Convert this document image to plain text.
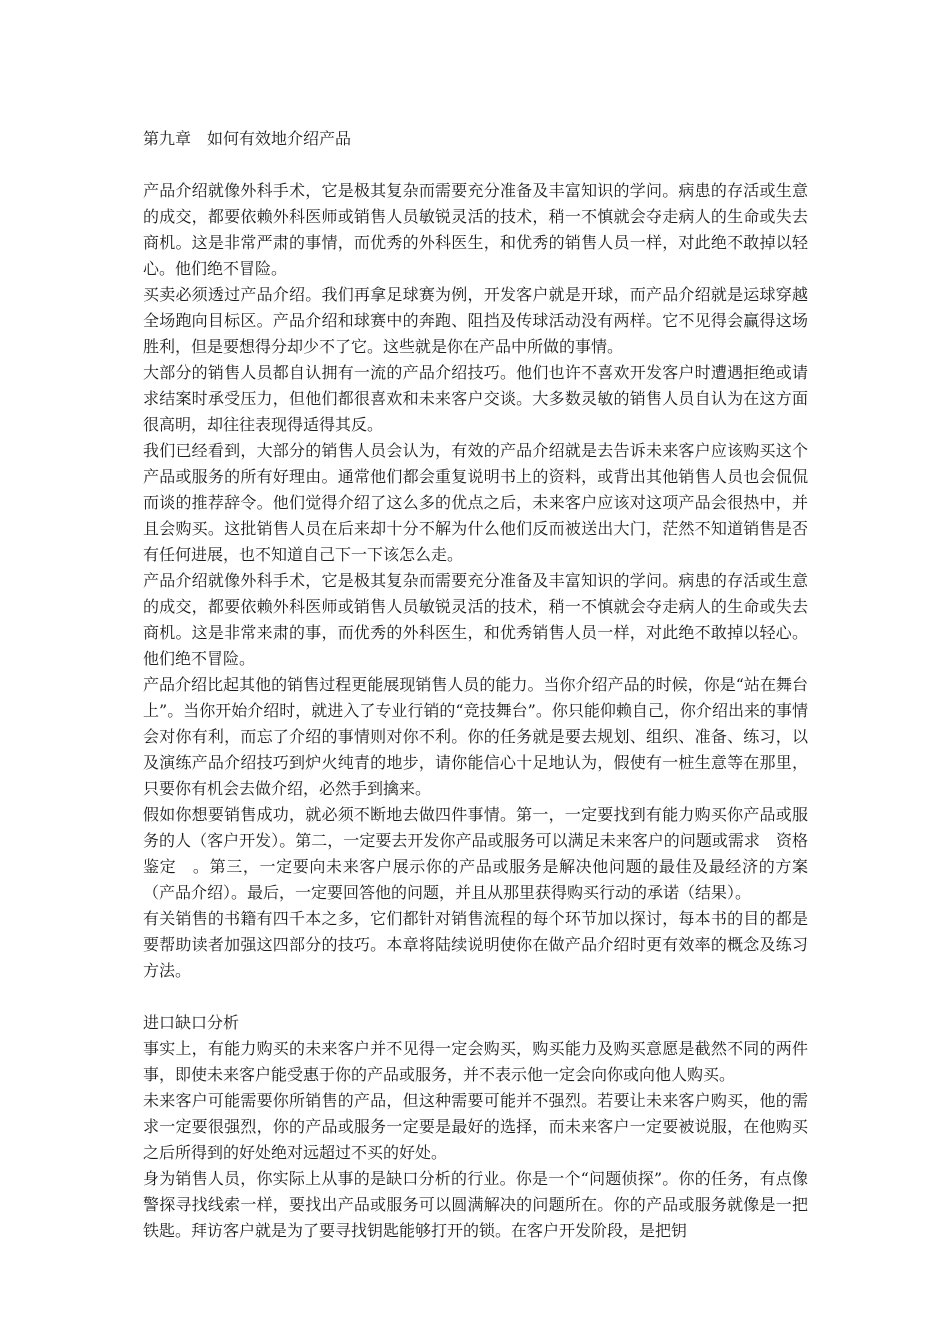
第九章　如何有效地介绍产品

产品介绍就像外科手术，它是极其复杂而需要充分准备及丰富知识的学问。病患的存活或生意的成交，都要依赖外科医师或销售人员敏锐灵活的技术，稍一不慎就会夺走病人的生命或失去商机。这是非常严肃的事情，而优秀的外科医生，和优秀的销售人员一样，对此绝不敢掉以轻心。他们绝不冒险。

买卖必须透过产品介绍。我们再拿足球赛为例，开发客户就是开球，而产品介绍就是运球穿越全场跑向目标区。产品介绍和球赛中的奔跑、阻挡及传球活动没有两样。它不见得会赢得这场胜利，但是要想得分却少不了它。这些就是你在产品中所做的事情。

大部分的销售人员都自认拥有一流的产品介绍技巧。他们也许不喜欢开发客户时遭遇拒绝或请求结案时承受压力，但他们都很喜欢和未来客户交谈。大多数灵敏的销售人员自认为在这方面很高明，却往往表现得适得其反。

我们已经看到，大部分的销售人员会认为，有效的产品介绍就是去告诉未来客户应该购买这个产品或服务的所有好理由。通常他们都会重复说明书上的资料，或背出其他销售人员也会侃侃而谈的推荐辞令。他们觉得介绍了这么多的优点之后，未来客户应该对这项产品会很热中，并且会购买。这批销售人员在后来却十分不解为什么他们反而被送出大门，茫然不知道销售是否有任何进展，也不知道自己下一下该怎么走。

产品介绍就像外科手术，它是极其复杂而需要充分准备及丰富知识的学问。病患的存活或生意的成交，都要依赖外科医师或销售人员敏锐灵活的技术，稍一不慎就会夺走病人的生命或失去商机。这是非常来肃的事，而优秀的外科医生，和优秀销售人员一样，对此绝不敢掉以轻心。他们绝不冒险。

产品介绍比起其他的销售过程更能展现销售人员的能力。当你介绍产品的时候，你是“站在舞台上”。当你开始介绍时，就进入了专业行销的“竞技舞台”。你只能仰赖自己，你介绍出来的事情会对你有利，而忘了介绍的事情则对你不利。你的任务就是要去规划、组织、准备、练习，以及演练产品介绍技巧到炉火纯青的地步，请你能信心十足地认为，假使有一桩生意等在那里，只要你有机会去做介绍，必然手到擒来。

假如你想要销售成功，就必须不断地去做四件事情。第一，一定要找到有能力购买你产品或服务的人（客户开发）。第二，一定要去开发你产品或服务可以满足未来客户的问题或需求　资格鉴定　。第三，一定要向未来客户展示你的产品或服务是解决他问题的最佳及最经济的方案（产品介绍）。最后，一定要回答他的问题，并且从那里获得购买行动的承诺（结果）。

有关销售的书籍有四千本之多，它们都针对销售流程的每个环节加以探讨，每本书的目的都是要帮助读者加强这四部分的技巧。本章将陆续说明使你在做产品介绍时更有效率的概念及练习方法。

进口缺口分析

事实上，有能力购买的未来客户并不见得一定会购买，购买能力及购买意愿是截然不同的两件事，即使未来客户能受惠于你的产品或服务，并不表示他一定会向你或向他人购买。

未来客户可能需要你所销售的产品，但这种需要可能并不强烈。若要让未来客户购买，他的需求一定要很强烈，你的产品或服务一定要是最好的选择，而未来客户一定要被说服，在他购买之后所得到的好处绝对远超过不买的好处。

身为销售人员，你实际上从事的是缺口分析的行业。你是一个“问题侦探”。你的任务，有点像警探寻找线索一样，要找出产品或服务可以圆满解决的问题所在。你的产品或服务就像是一把铁匙。拜访客户就是为了要寻找钥匙能够打开的锁。在客户开发阶段，是把钥
